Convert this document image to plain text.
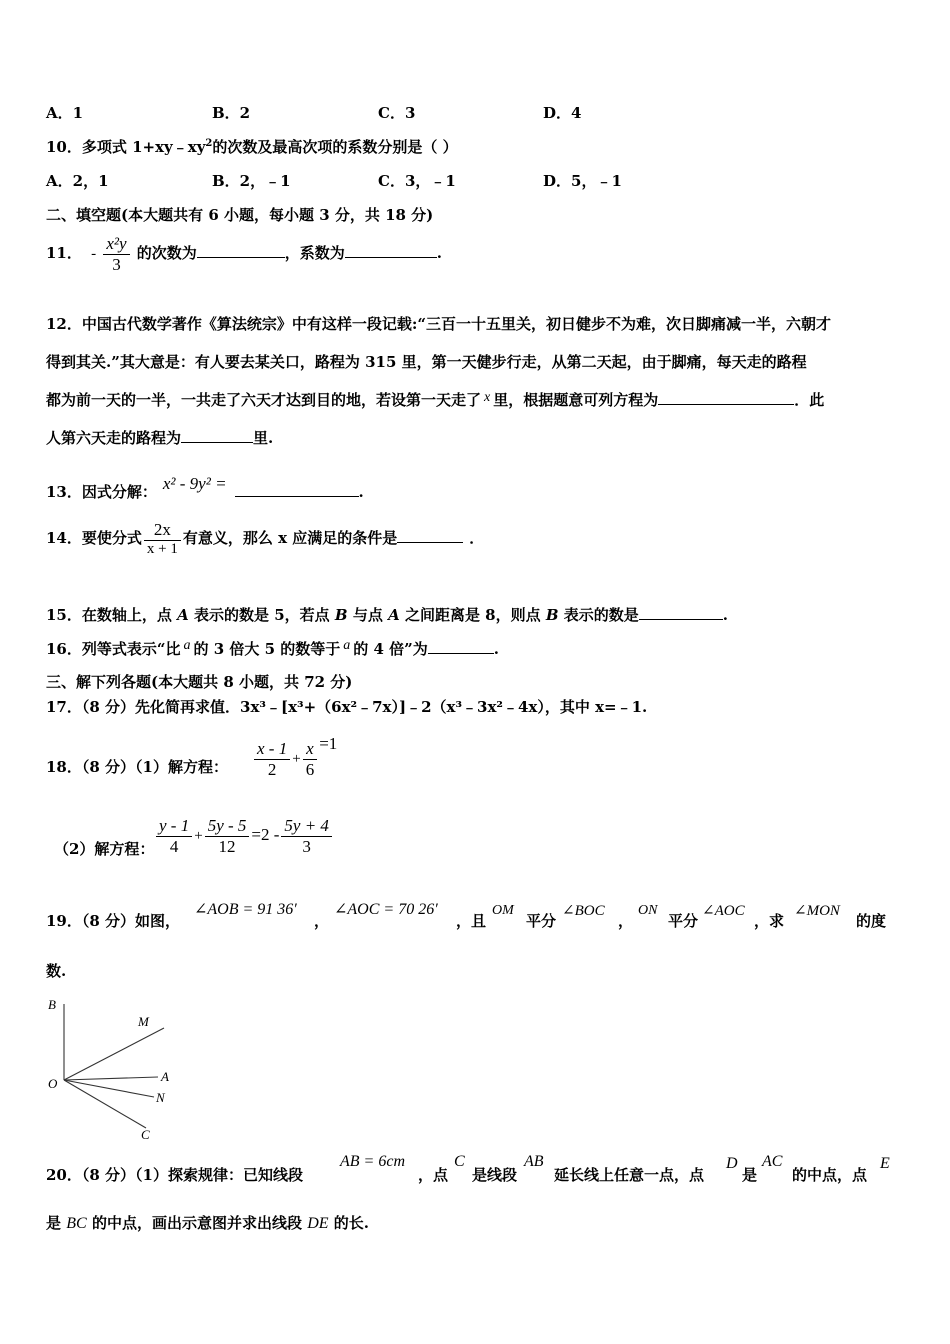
A．1	B．2	C．3	D．4
10．多项式 $1+xy﹣xy^2$的次数及最高次项的系数分别是（ ）
A．2，1	B．2，﹣1	C．3，﹣1	D．5，﹣1
二、填空题(本大题共有 6 小题，每小题 3 分，共 18 分)
11． - $\frac{\text{x²y}}{3}$ 的次数为	，系数为	.
12．中国古代数学著作《算法统宗》中有这样一段记载:“三百一十五里关，初日健步不为难，次日脚痛减一半，六朝才
得到其关.”其大意是：有人要去某关口，路程为 315 里，第一天健步行走，从第二天起，由于脚痛，每天走的路程
都为前一天的一半，一共走了六天才达到目的地，若设第一天走了 x 里，根据题意可列方程为	．此
人第六天走的路程为	里.
13．因式分解： x² - 9y² =	.
14．要使分式 $\frac{2x}{x + 1}$ 有意义，那么 x 应满足的条件是	．
15．在数轴上，点 A 表示的数是 5，若点 B 与点 A 之间距离是 8，则点 B 表示的数是	.
16．列等式表示“比 a 的 3 倍大 5 的数等于 a 的 4 倍”为	.
三、解下列各题(本大题共 8 小题，共 72 分)
17．（8 分）先化简再求值．3x³﹣[x³+（6x²﹣7x）]﹣2（x³﹣3x²﹣4x），其中 x=﹣1.
18．（8 分）（1）解方程： $\frac{x - 1}{2} + \frac{x}{6} =1$
（2）解方程： $\frac{y - 1}{4} + \frac{5y - 5}{12} =2 - \frac{5y + 4}{3}$
19．（8 分）如图，
∠AOB = 91 36′
，
∠AOC = 70 26′
，且
OM
平分
∠BOC
，
ON
平分
∠AOC
，求
∠MON
的度
数.
B
M
O	A
N
C
20．（8 分）（1）探索规律：已知线段
AB = 6cm
，点
C
是线段
AB
延长线上任意一点，点
D
是
AC
的中点，点
E
是 BC 的中点，画出示意图并求出线段 DE 的长.
